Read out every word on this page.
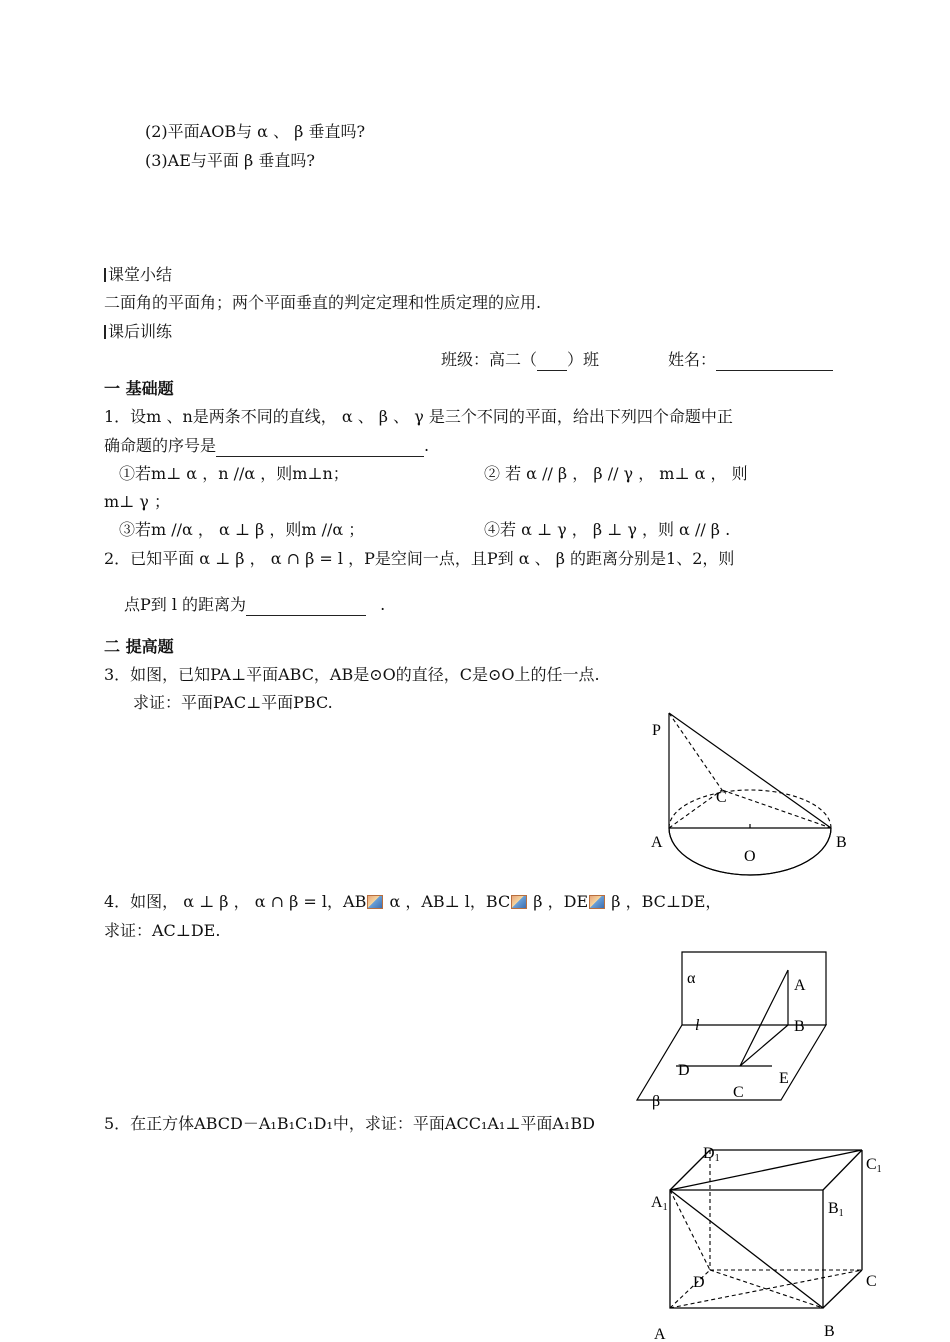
(2)平面AOB与 α 、 β 垂直吗?
(3)AE与平面 β 垂直吗?
课堂小结
二面角的平面角；两个平面垂直的判定定理和性质定理的应用.
课后训练
班级：高二（ ）班	姓名：
一 基础题
1．设m 、n是两条不同的直线， α 、 β 、 γ 是三个不同的平面，给出下列四个命题中正
确命题的序号是	.
①若m⊥ α ，n //α ，则m⊥n；	② 若 α // β ， β // γ ， m⊥ α ， 则
m⊥ γ ；
③若m //α ， α ⊥ β ，则m //α ；	④若 α ⊥ γ ， β ⊥ γ ，则 α // β .
2．已知平面 α ⊥ β ， α ∩ β = l ，P是空间一点，且P到 α 、 β 的距离分别是1、2，则
点P到 l 的距离为	.
二 提高题
3．如图，已知PA⊥平面ABC，AB是⊙O的直径，C是⊙O上的任一点.
求证：平面PAC⊥平面PBC.
P
A	B
C
O
4．如图， α ⊥ β ， α ∩ β = l，AB α ，AB⊥ l，BC β ，DE β ，BC⊥DE，
求证：AC⊥DE.
α	A
B
l
D	E
C
β
5．在正方体ABCD－A₁B₁C₁D₁中，求证：平面ACC₁A₁⊥平面A₁BD
D1	C1
A1	B1
D	C
A	B
